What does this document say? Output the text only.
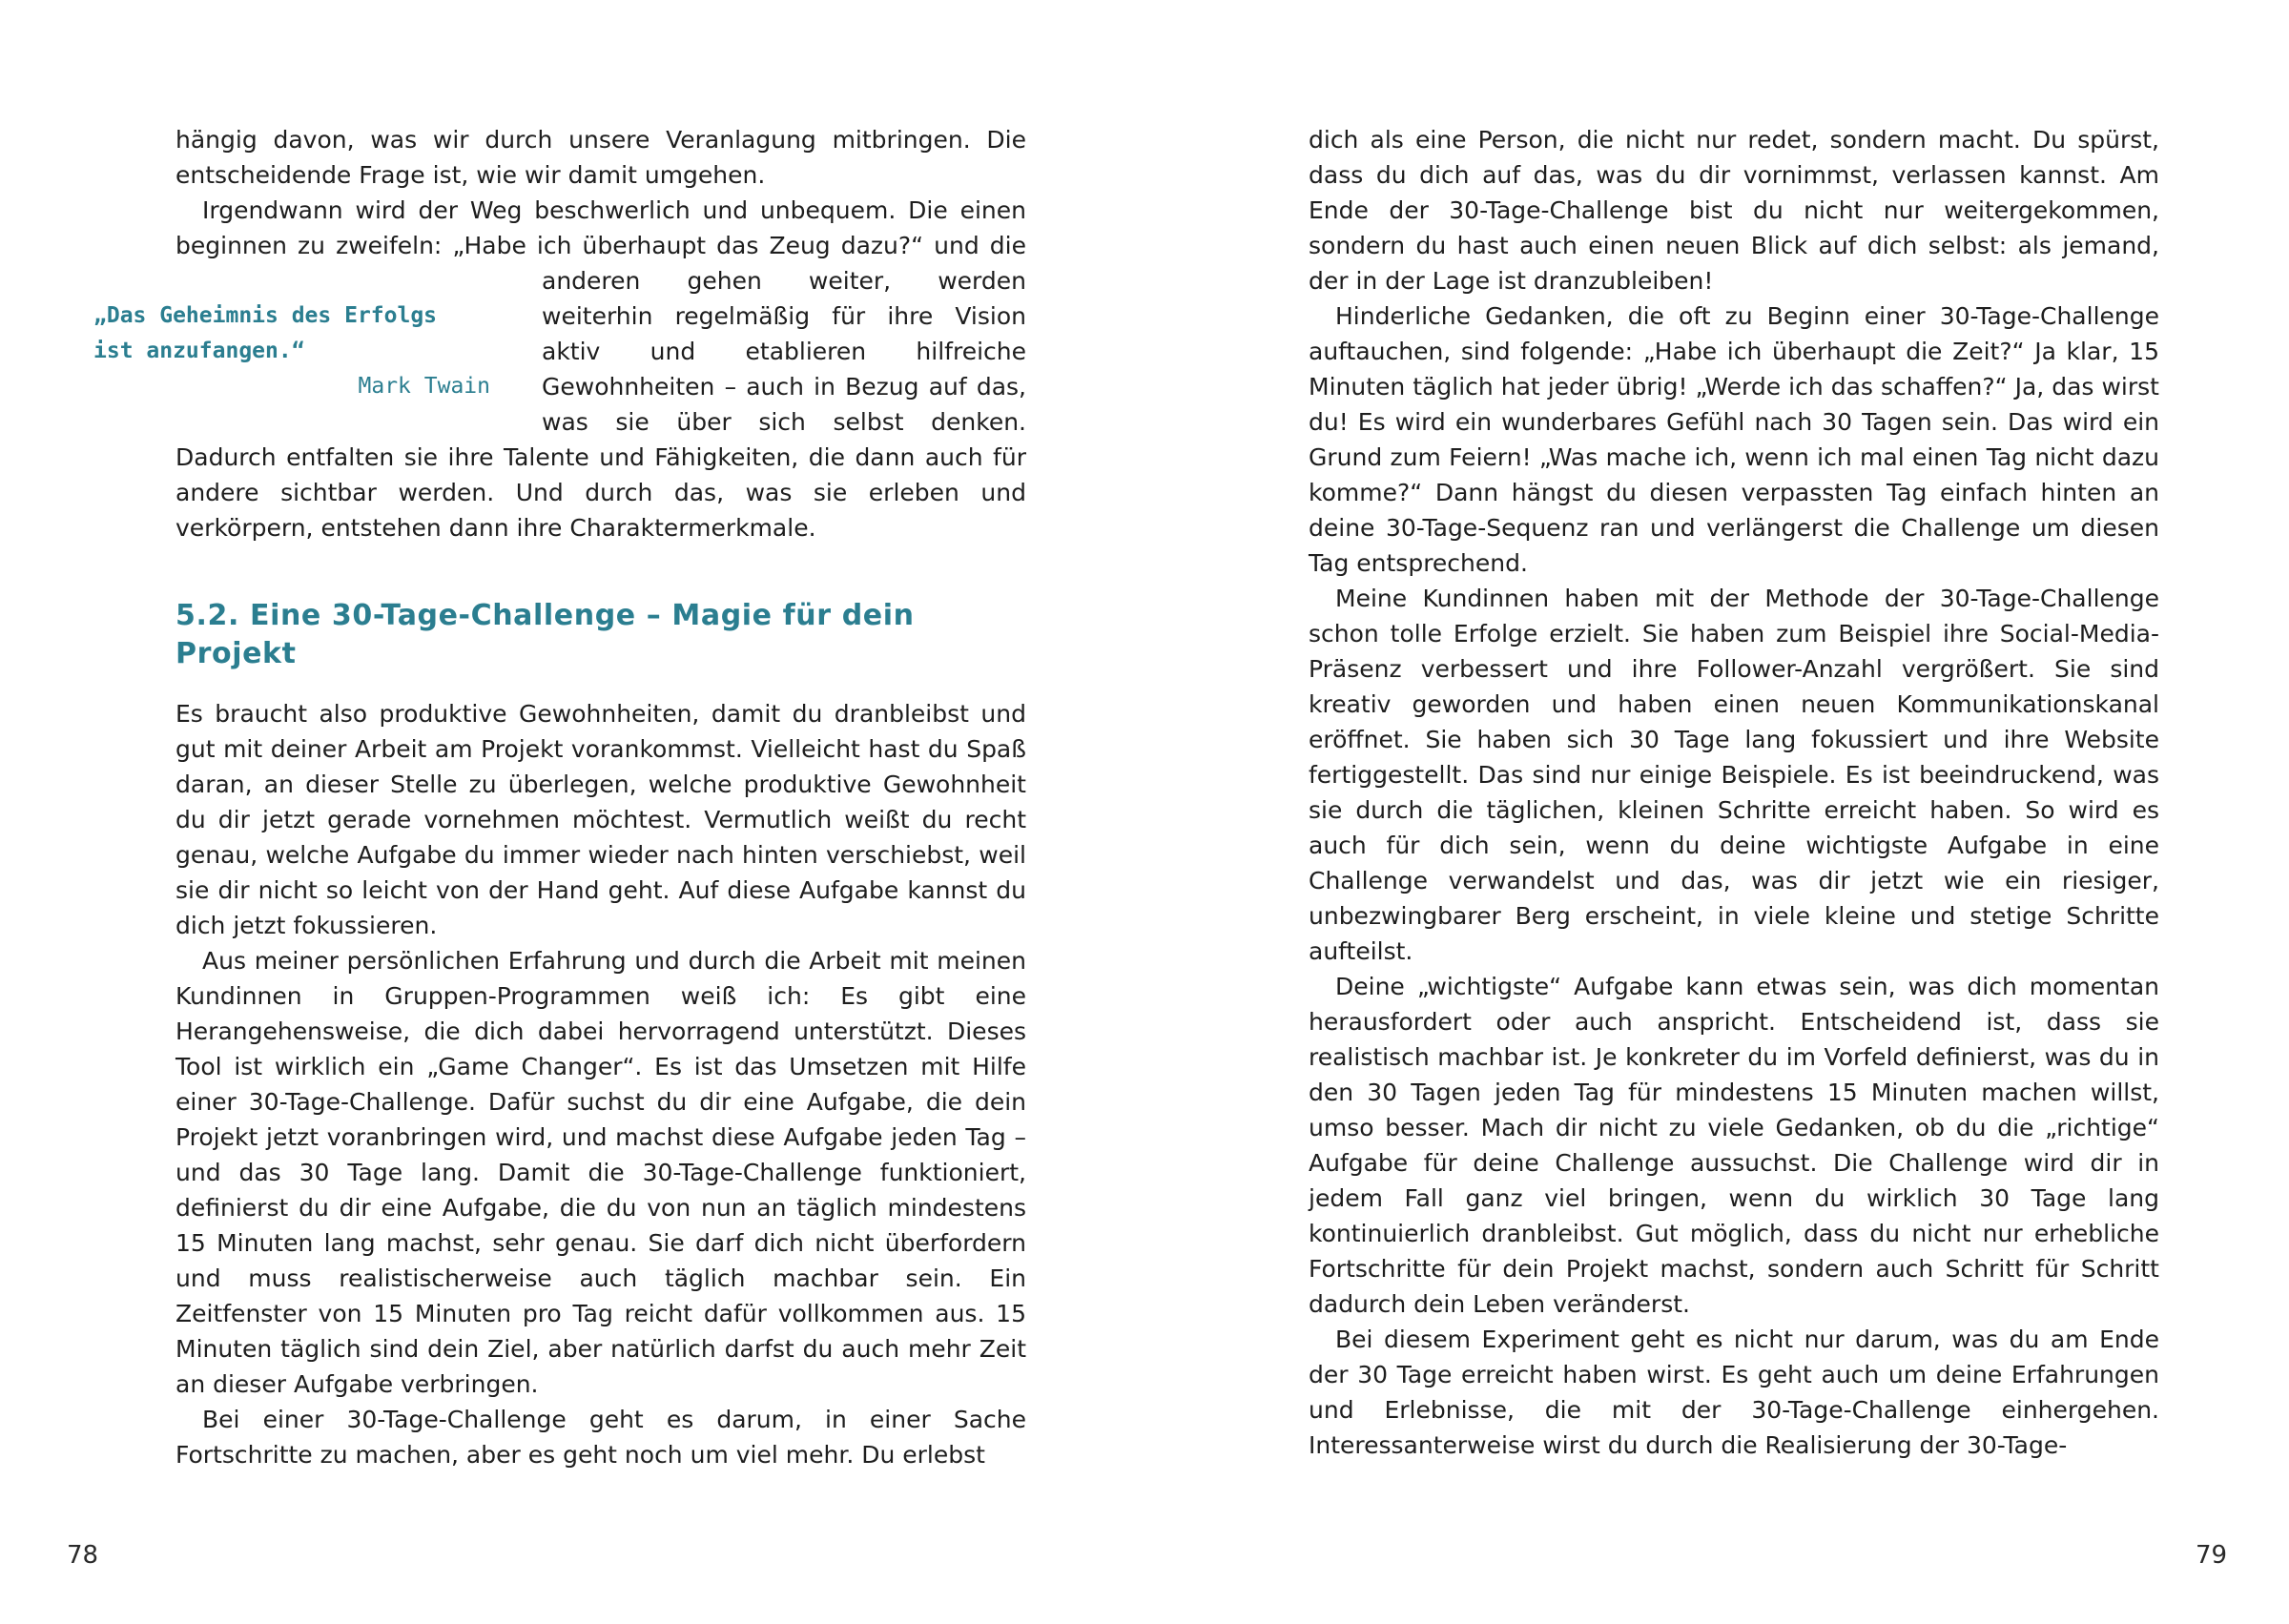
hängig davon, was wir durch unsere Veranlagung mitbringen. Die entscheidende Frage ist, wie wir damit umgehen.

Irgendwann wird der Weg beschwerlich und unbequem. Die einen beginnen zu zweifeln: „Habe ich überhaupt das Zeug dazu?“ und
„Das Geheimnis des Erfolgs
ist anzufangen.“
Mark Twain
die anderen gehen weiter, werden weiterhin regelmäßig für ihre Vision aktiv und etablieren hilfreiche Gewohnheiten – auch in Bezug auf das, was sie über sich selbst denken. Dadurch entfalten sie ihre Talente und Fähigkeiten, die dann auch für andere sichtbar werden. Und durch das, was sie erleben und verkörpern, entstehen dann ihre Charaktermerkmale.

5.2. Eine 30-Tage-Challenge – Magie für dein Projekt

Es braucht also produktive Gewohnheiten, damit du dranbleibst und gut mit deiner Arbeit am Projekt vorankommst. Vielleicht hast du Spaß daran, an dieser Stelle zu überlegen, welche produktive Gewohnheit du dir jetzt gerade vornehmen möchtest. Vermutlich weißt du recht genau, welche Aufgabe du immer wieder nach hinten verschiebst, weil sie dir nicht so leicht von der Hand geht. Auf diese Aufgabe kannst du dich jetzt fokussieren.

Aus meiner persönlichen Erfahrung und durch die Arbeit mit meinen Kundinnen in Gruppen-Programmen weiß ich: Es gibt eine Herangehensweise, die dich dabei hervorragend unterstützt. Dieses Tool ist wirklich ein „Game Changer“. Es ist das Umsetzen mit Hilfe einer 30-Tage-Challenge. Dafür suchst du dir eine Aufgabe, die dein Projekt jetzt voranbringen wird, und machst diese Aufgabe jeden Tag – und das 30 Tage lang. Damit die 30-Tage-Challenge funktioniert, definierst du dir eine Aufgabe, die du von nun an täglich mindestens 15 Minuten lang machst, sehr genau. Sie darf dich nicht überfordern und muss realistischerweise auch täglich machbar sein. Ein Zeitfenster von 15 Minuten pro Tag reicht dafür vollkommen aus. 15 Minuten täglich sind dein Ziel, aber natürlich darfst du auch mehr Zeit an dieser Aufgabe verbringen.

Bei einer 30-Tage-Challenge geht es darum, in einer Sache Fortschritte zu machen, aber es geht noch um viel mehr. Du erlebst

dich als eine Person, die nicht nur redet, sondern macht. Du spürst, dass du dich auf das, was du dir vornimmst, verlassen kannst. Am Ende der 30-Tage-Challenge bist du nicht nur weitergekommen, sondern du hast auch einen neuen Blick auf dich selbst: als jemand, der in der Lage ist dranzubleiben!

Hinderliche Gedanken, die oft zu Beginn einer 30-Tage-Challenge auftauchen, sind folgende: „Habe ich überhaupt die Zeit?“ Ja klar, 15 Minuten täglich hat jeder übrig! „Werde ich das schaffen?“ Ja, das wirst du! Es wird ein wunderbares Gefühl nach 30 Tagen sein. Das wird ein Grund zum Feiern! „Was mache ich, wenn ich mal einen Tag nicht dazu komme?“ Dann hängst du diesen verpassten Tag einfach hinten an deine 30-Tage-Sequenz ran und verlängerst die Challenge um diesen Tag entsprechend.

Meine Kundinnen haben mit der Methode der 30-Tage-Challenge schon tolle Erfolge erzielt. Sie haben zum Beispiel ihre Social-Media-Präsenz verbessert und ihre Follower-Anzahl vergrößert. Sie sind kreativ geworden und haben einen neuen Kommunikationskanal eröffnet. Sie haben sich 30 Tage lang fokussiert und ihre Website fertiggestellt. Das sind nur einige Beispiele. Es ist beeindruckend, was sie durch die täglichen, kleinen Schritte erreicht haben. So wird es auch für dich sein, wenn du deine wichtigste Aufgabe in eine Challenge verwandelst und das, was dir jetzt wie ein riesiger, unbezwingbarer Berg erscheint, in viele kleine und stetige Schritte aufteilst.

Deine „wichtigste“ Aufgabe kann etwas sein, was dich momentan herausfordert oder auch anspricht. Entscheidend ist, dass sie realistisch machbar ist. Je konkreter du im Vorfeld definierst, was du in den 30 Tagen jeden Tag für mindestens 15 Minuten machen willst, umso besser. Mach dir nicht zu viele Gedanken, ob du die „richtige“ Aufgabe für deine Challenge aussuchst. Die Challenge wird dir in jedem Fall ganz viel bringen, wenn du wirklich 30 Tage lang kontinuierlich dranbleibst. Gut möglich, dass du nicht nur erhebliche Fortschritte für dein Projekt machst, sondern auch Schritt für Schritt dadurch dein Leben veränderst.

Bei diesem Experiment geht es nicht nur darum, was du am Ende der 30 Tage erreicht haben wirst. Es geht auch um deine Erfahrungen und Erlebnisse, die mit der 30-Tage-Challenge einhergehen. Interessanterweise wirst du durch die Realisierung der 30-Tage-

78	79
